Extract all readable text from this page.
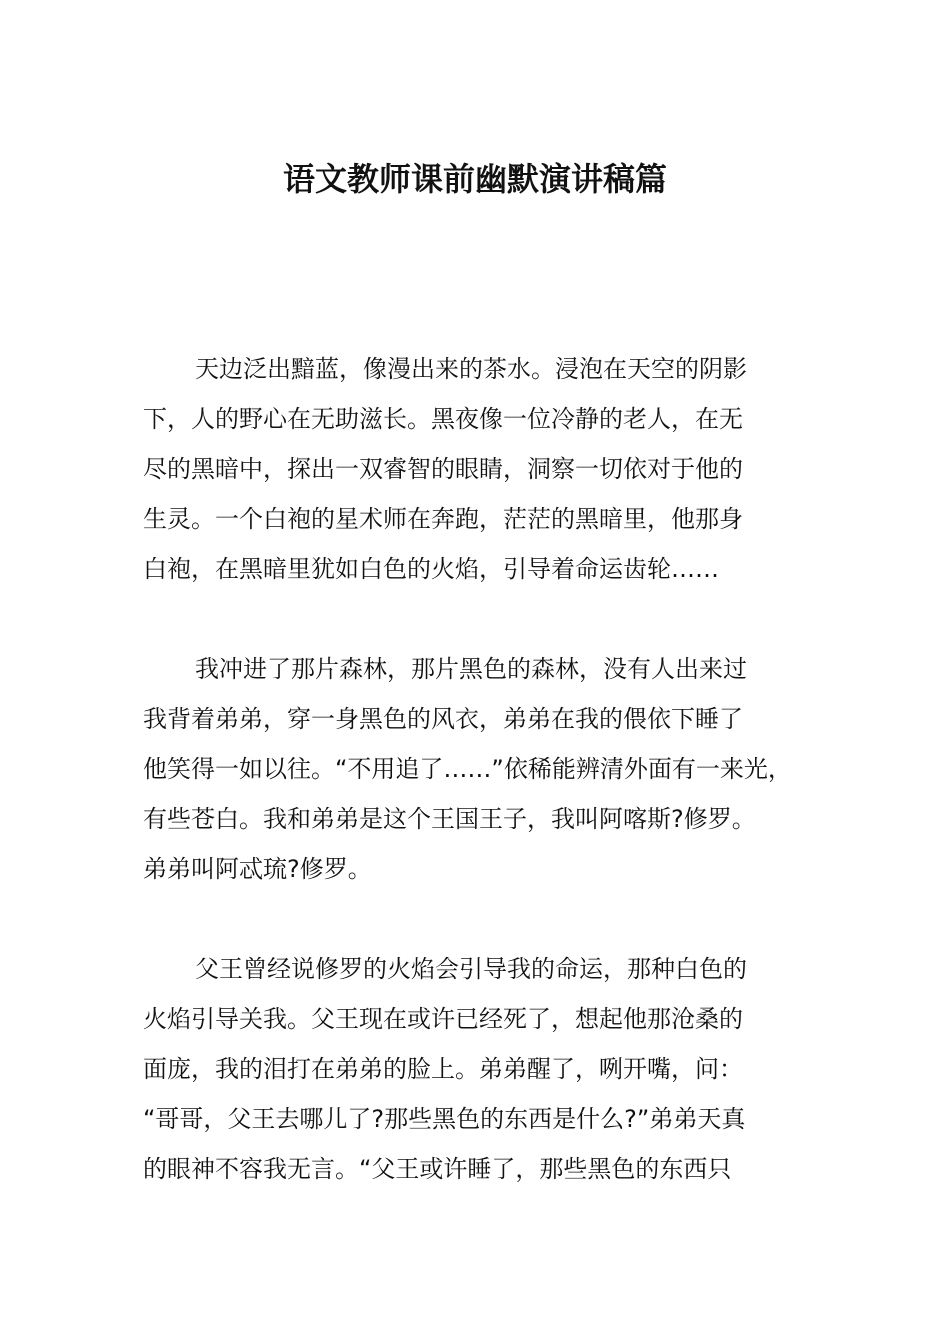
语文教师课前幽默演讲稿篇
天边泛出黯蓝，像漫出来的茶水。浸泡在天空的阴影
下，人的野心在无助滋长。黑夜像一位冷静的老人，在无
尽的黑暗中，探出一双睿智的眼睛，洞察一切依对于他的
生灵。一个白袍的星术师在奔跑，茫茫的黑暗里，他那身
白袍，在黑暗里犹如白色的火焰，引导着命运齿轮……
我冲进了那片森林，那片黑色的森林，没有人出来过
我背着弟弟，穿一身黑色的风衣，弟弟在我的偎依下睡了
他笑得一如以往。“不用追了……”依稀能辨清外面有一来光，
有些苍白。我和弟弟是这个王国王子，我叫阿喀斯?修罗。
弟弟叫阿忒琉?修罗。
父王曾经说修罗的火焰会引导我的命运，那种白色的
火焰引导关我。父王现在或许已经死了，想起他那沧桑的
面庞，我的泪打在弟弟的脸上。弟弟醒了，咧开嘴，问：
“哥哥，父王去哪儿了?那些黑色的东西是什么?”弟弟天真
的眼神不容我无言。“父王或许睡了，那些黑色的东西只
